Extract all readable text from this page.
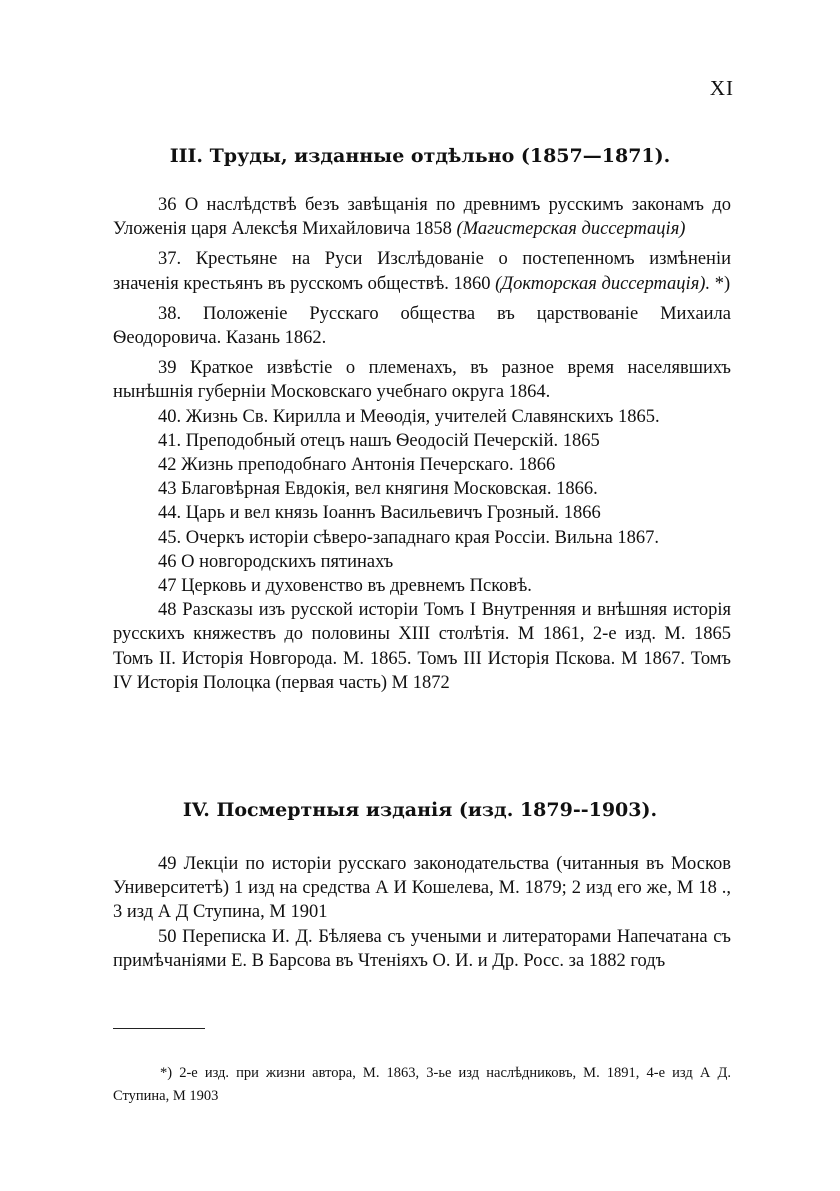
XI
III. Труды, изданные отдѣльно (1857—1871).

36 О наслѣдствѣ безъ завѣщанія по древнимъ русскимъ законамъ до Уложенія царя Алексѣя Михайловича 1858 (Магистерская диссертація)

37. Крестьяне на Руси Изслѣдованіе о постепенномъ измѣненіи значенія крестьянъ въ русскомъ обществѣ. 1860 (Докторская диссертація). *)

38. Положеніе Русскаго общества въ царствованіе Михаила Ѳеодоровича. Казань 1862.

39 Краткое извѣстіе о племенахъ, въ разное время населявшихъ нынѣшнія губерніи Московскаго учебнаго округа 1864.

40. Жизнь Св. Кирилла и Меѳодія, учителей Славянскихъ 1865.

41. Преподобный отецъ нашъ Ѳеодосій Печерскій. 1865

42 Жизнь преподобнаго Антонія Печерскаго. 1866

43 Благовѣрная Евдокія, вел княгиня Московская. 1866.

44. Царь и вел князь Іоаннъ Васильевичъ Грозный. 1866

45. Очеркъ исторіи сѣверо-западнаго края Россіи. Вильна 1867.

46 О новгородскихъ пятинахъ

47 Церковь и духовенство въ древнемъ Псковѣ.

48 Разсказы изъ русской исторіи Томъ I Внутренняя и внѣшняя исторія русскихъ княжествъ до половины XIII столѣтія. М 1861, 2-е изд. М. 1865 Томъ II. Исторія Новгорода. М. 1865. Томъ III Исторія Пскова. М 1867. Томъ IV Исторія Полоцка (первая часть) М 1872

IV. Посмертныя изданія (изд. 1879--1903).

49 Лекціи по исторіи русскаго законодательства (читанныя въ Москов Университетѣ) 1 изд на средства А И Кошелева, М. 1879; 2 изд его же, М 18 ., 3 изд А Д Ступина, М 1901

50 Переписка И. Д. Бѣляева съ учеными и литераторами Напечатана съ примѣчаніями Е. В Барсова въ Чтеніяхъ О. И. и Др. Росс. за 1882 годъ

*) 2-е изд. при жизни автора, М. 1863, 3-ье изд наслѣдниковъ, М. 1891, 4-е изд А Д. Ступина, М 1903
